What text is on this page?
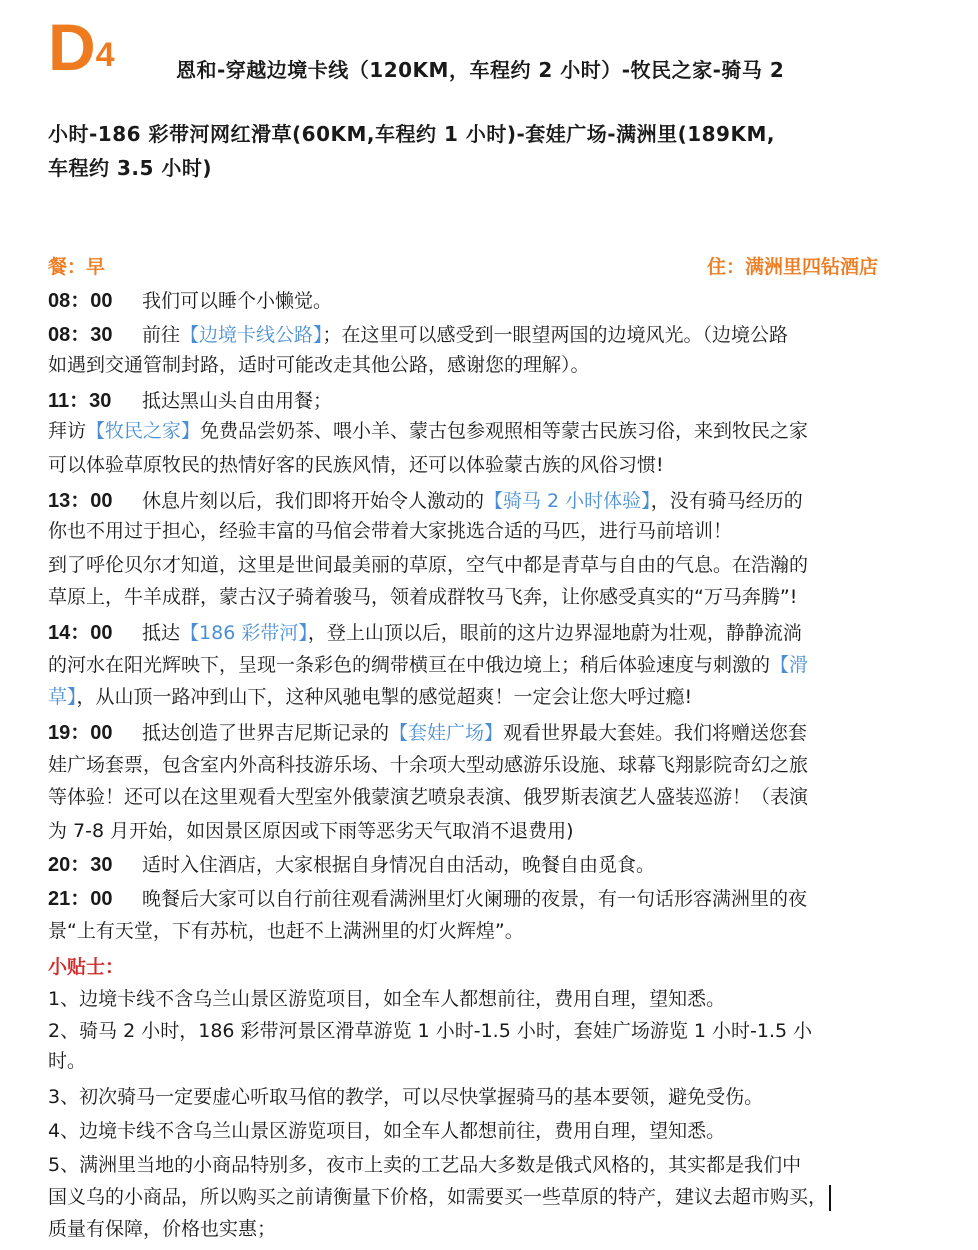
D4	恩和-穿越边境卡线（120KM，车程约 2 小时）-牧民之家-骑马 2
小时-186 彩带河网红滑草(60KM,车程约 1 小时)-套娃广场-满洲里(189KM,
车程约 3.5 小时)
餐：早	住：满洲里四钻酒店
08：00 我们可以睡个小懒觉。
08：30 前往【边境卡线公路】；在这里可以感受到一眼望两国的边境风光。（边境公路
如遇到交通管制封路，适时可能改走其他公路，感谢您的理解）。
11：30 抵达黑山头自由用餐；
拜访【牧民之家】免费品尝奶茶、喂小羊、蒙古包参观照相等蒙古民族习俗，来到牧民之家
可以体验草原牧民的热情好客的民族风情，还可以体验蒙古族的风俗习惯!
13：00 休息片刻以后，我们即将开始令人激动的【骑马 2 小时体验】，没有骑马经历的
你也不用过于担心，经验丰富的马倌会带着大家挑选合适的马匹，进行马前培训！
到了呼伦贝尔才知道，这里是世间最美丽的草原，空气中都是青草与自由的气息。在浩瀚的
草原上，牛羊成群，蒙古汉子骑着骏马，领着成群牧马飞奔，让你感受真实的“万马奔腾”!
14：00 抵达【186 彩带河】，登上山顶以后，眼前的这片边界湿地蔚为壮观，静静流淌
的河水在阳光辉映下，呈现一条彩色的绸带横亘在中俄边境上；稍后体验速度与刺激的【滑
草】，从山顶一路冲到山下，这种风驰电掣的感觉超爽！一定会让您大呼过瘾!
19：00 抵达创造了世界吉尼斯记录的【套娃广场】观看世界最大套娃。我们将赠送您套
娃广场套票，包含室内外高科技游乐场、十余项大型动感游乐设施、球幕飞翔影院奇幻之旅
等体验！还可以在这里观看大型室外俄蒙演艺喷泉表演、俄罗斯表演艺人盛装巡游！（表演
为 7-8 月开始，如因景区原因或下雨等恶劣天气取消不退费用)
20：30 适时入住酒店，大家根据自身情况自由活动，晚餐自由觅食。
21：00 晚餐后大家可以自行前往观看满洲里灯火阑珊的夜景，有一句话形容满洲里的夜
景“上有天堂，下有苏杭，也赶不上满洲里的灯火辉煌”。
小贴士：
1、边境卡线不含乌兰山景区游览项目，如全车人都想前往，费用自理，望知悉。
2、骑马 2 小时，186 彩带河景区滑草游览 1 小时-1.5 小时，套娃广场游览 1 小时-1.5 小
时。
3、初次骑马一定要虚心听取马倌的教学，可以尽快掌握骑马的基本要领，避免受伤。
4、边境卡线不含乌兰山景区游览项目，如全车人都想前往，费用自理，望知悉。
5、满洲里当地的小商品特别多，夜市上卖的工艺品大多数是俄式风格的，其实都是我们中
国义乌的小商品，所以购买之前请衡量下价格，如需要买一些草原的特产，建议去超市购买，
质量有保障，价格也实惠；
